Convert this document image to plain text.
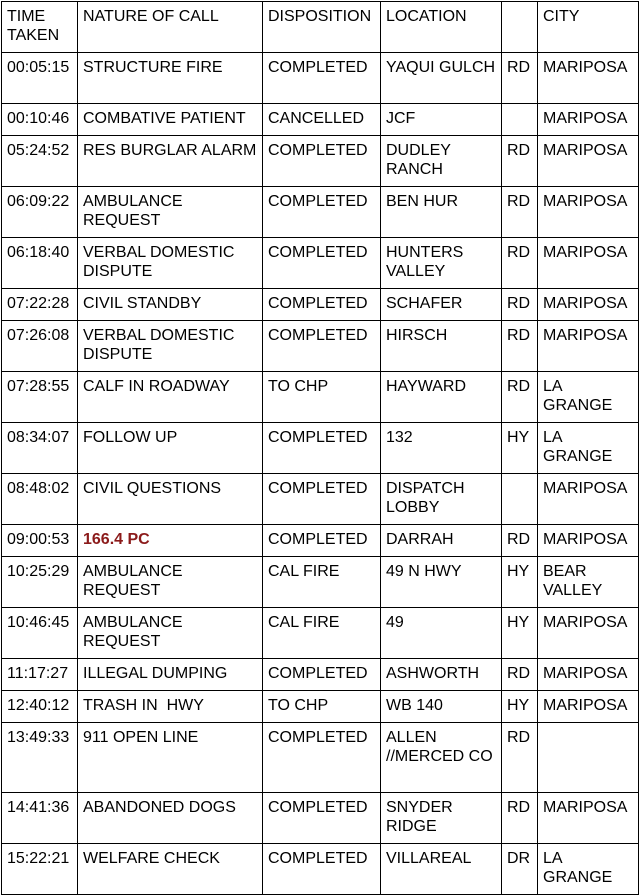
TIME TAKEN	NATURE OF CALL	DISPOSITION	LOCATION		CITY
00:05:15	STRUCTURE FIRE	COMPLETED	YAQUI GULCH	RD	MARIPOSA
00:10:46	COMBATIVE PATIENT	CANCELLED	JCF		MARIPOSA
05:24:52	RES BURGLAR ALARM	COMPLETED	DUDLEY RANCH	RD	MARIPOSA
06:09:22	AMBULANCE REQUEST	COMPLETED	BEN HUR	RD	MARIPOSA
06:18:40	VERBAL DOMESTIC DISPUTE	COMPLETED	HUNTERS VALLEY	RD	MARIPOSA
07:22:28	CIVIL STANDBY	COMPLETED	SCHAFER	RD	MARIPOSA
07:26:08	VERBAL DOMESTIC DISPUTE	COMPLETED	HIRSCH	RD	MARIPOSA
07:28:55	CALF IN ROADWAY	TO CHP	HAYWARD	RD	LA GRANGE
08:34:07	FOLLOW UP	COMPLETED	132	HY	LA GRANGE
08:48:02	CIVIL QUESTIONS	COMPLETED	DISPATCH LOBBY		MARIPOSA
09:00:53	166.4 PC	COMPLETED	DARRAH	RD	MARIPOSA
10:25:29	AMBULANCE REQUEST	CAL FIRE	49 N HWY	HY	BEAR VALLEY
10:46:45	AMBULANCE REQUEST	CAL FIRE	49	HY	MARIPOSA
11:17:27	ILLEGAL DUMPING	COMPLETED	ASHWORTH	RD	MARIPOSA
12:40:12	TRASH IN  HWY	TO CHP	WB 140	HY	MARIPOSA
13:49:33	911 OPEN LINE	COMPLETED	ALLEN //MERCED CO	RD	
14:41:36	ABANDONED DOGS	COMPLETED	SNYDER RIDGE	RD	MARIPOSA
15:22:21	WELFARE CHECK	COMPLETED	VILLAREAL	DR	LA GRANGE
